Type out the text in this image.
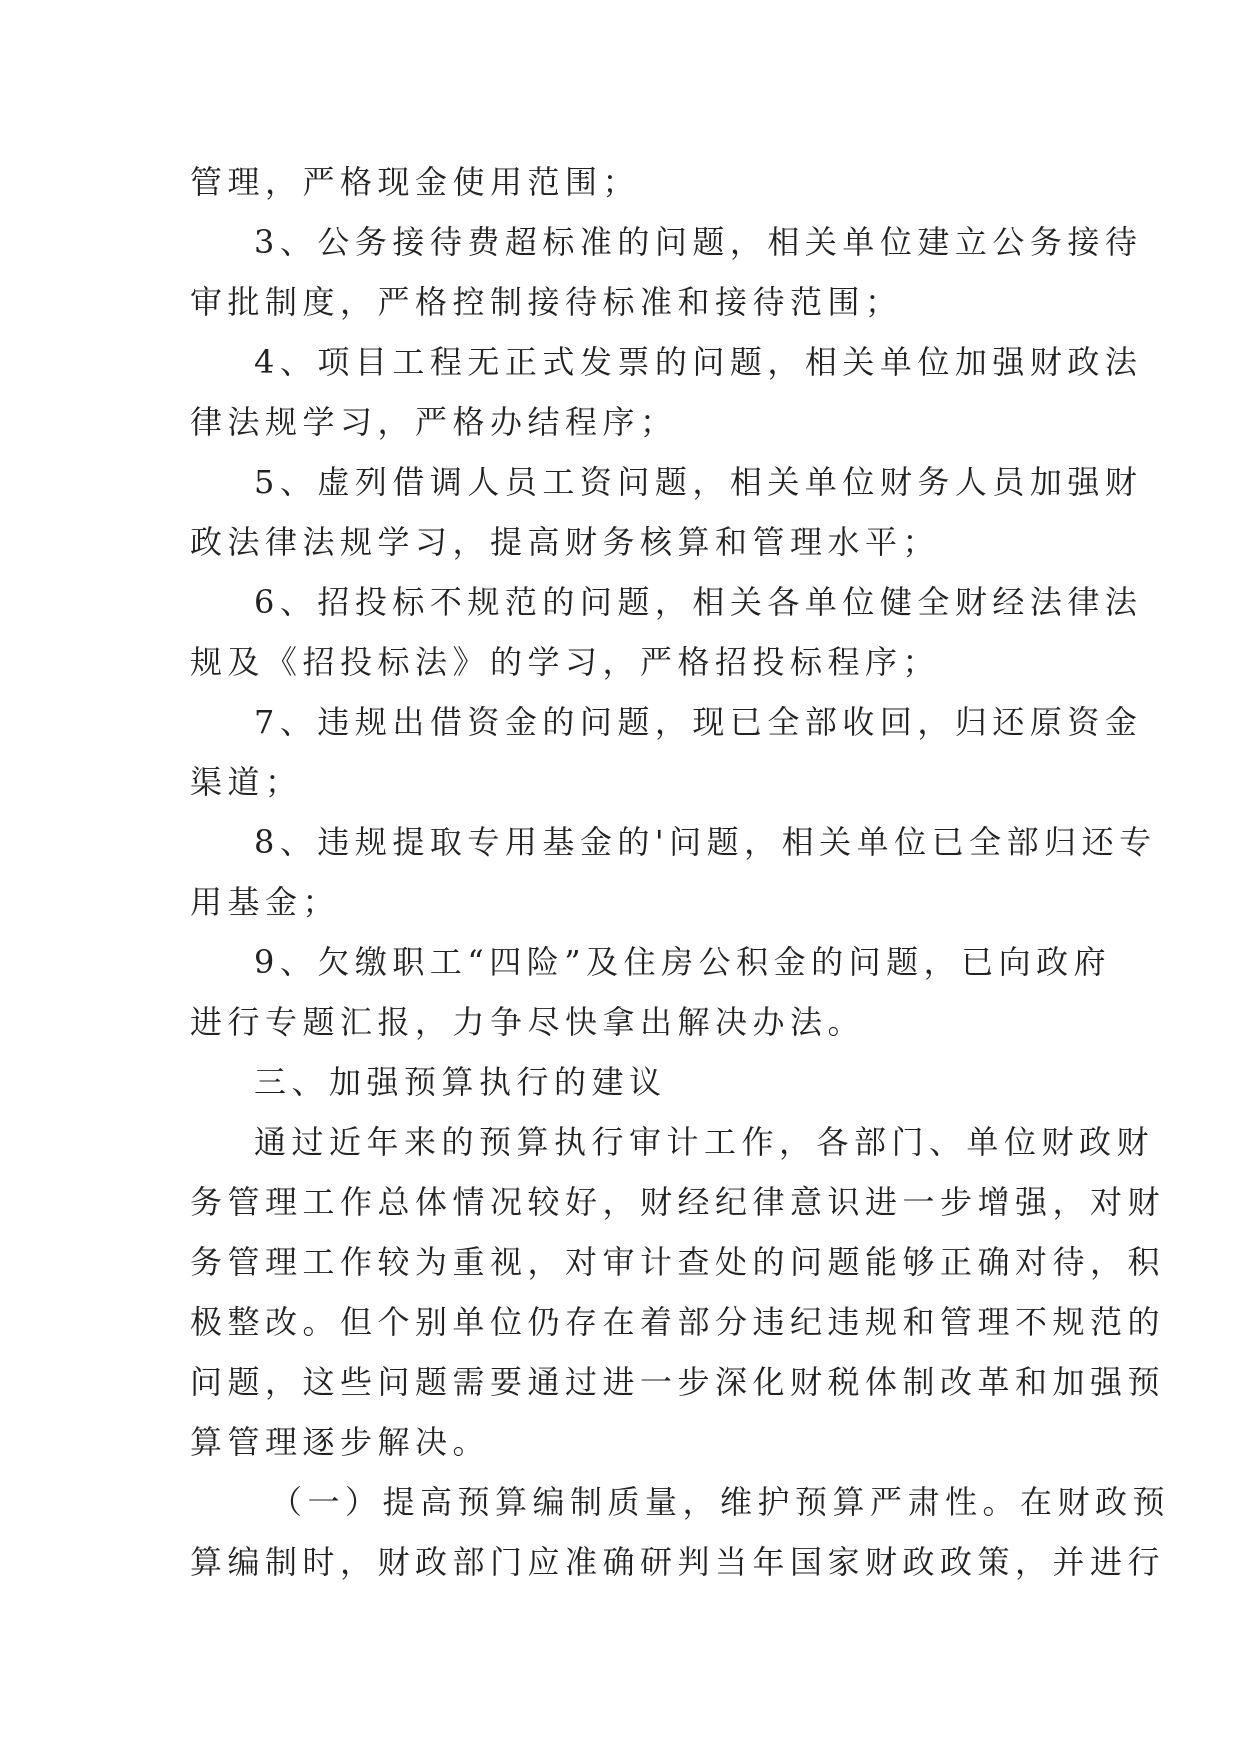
管理，严格现金使用范围；
3、公务接待费超标准的问题，相关单位建立公务接待
审批制度，严格控制接待标准和接待范围；
4、项目工程无正式发票的问题，相关单位加强财政法
律法规学习，严格办结程序；
5、虚列借调人员工资问题，相关单位财务人员加强财
政法律法规学习，提高财务核算和管理水平；
6、招投标不规范的问题，相关各单位健全财经法律法
规及《招投标法》的学习，严格招投标程序；
7、违规出借资金的问题，现已全部收回，归还原资金
渠道；
8、违规提取专用基金的'问题，相关单位已全部归还专
用基金；
9、欠缴职工“四险”及住房公积金的问题，已向政府
进行专题汇报，力争尽快拿出解决办法。
三、加强预算执行的建议
通过近年来的预算执行审计工作，各部门、单位财政财
务管理工作总体情况较好，财经纪律意识进一步增强，对财
务管理工作较为重视，对审计查处的问题能够正确对待，积
极整改。但个别单位仍存在着部分违纪违规和管理不规范的
问题，这些问题需要通过进一步深化财税体制改革和加强预
算管理逐步解决。
（一）提高预算编制质量，维护预算严肃性。在财政预
算编制时，财政部门应准确研判当年国家财政政策，并进行
